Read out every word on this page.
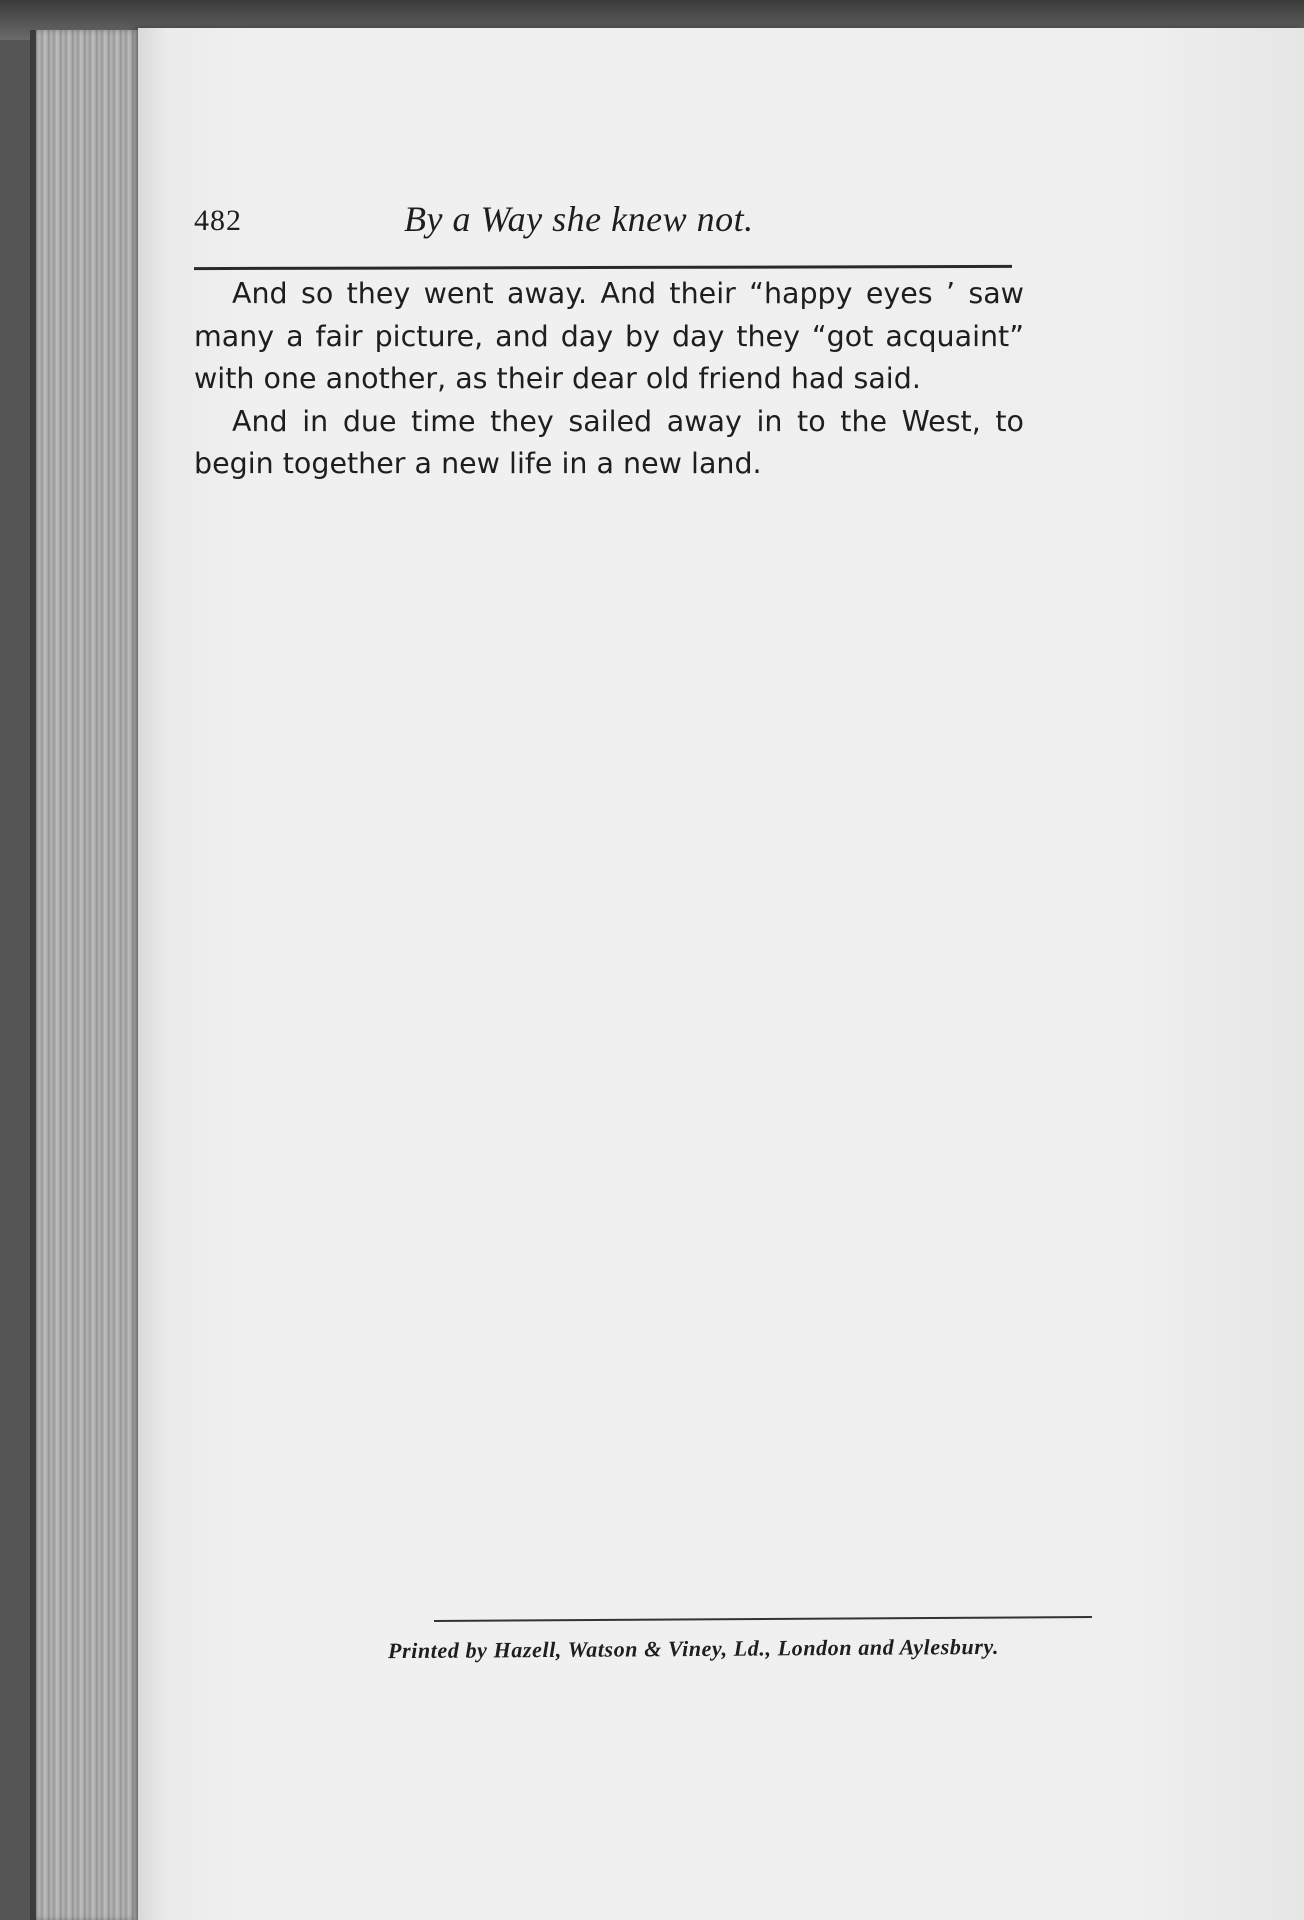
482	By a Way she knew not.

And so they went away. And their “happy eyes ’ saw many a fair picture, and day by day they “got acquaint” with one another, as their dear old friend had said.

And in due time they sailed away in to the West, to begin together a new life in a new land.

Printed by Hazell, Watson & Viney, Ld., London and Aylesbury.
